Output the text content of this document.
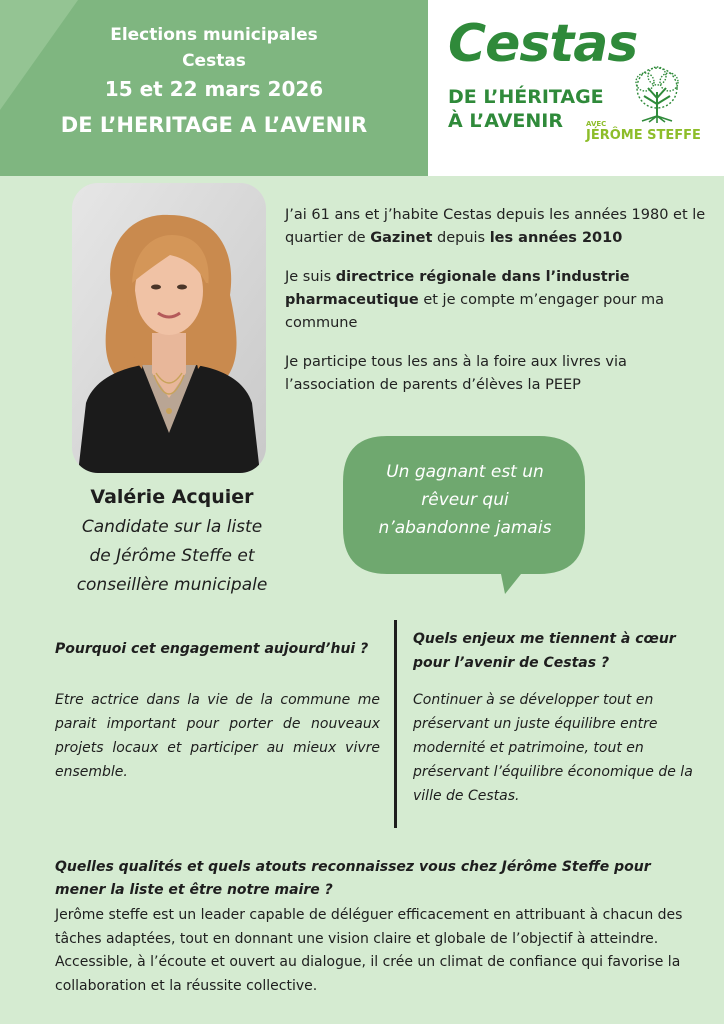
Elections municipales
Cestas
15 et 22 mars 2026
DE L’HERITAGE A L’AVENIR
Cestas
DE L’HÉRITAGE
À L’AVENIR	AVEC
JÉRÔME STEFFE

J’ai 61 ans et j’habite Cestas depuis les années 1980 et le quartier de Gazinet depuis les années 2010

Je suis directrice régionale dans l’industrie pharmaceutique et je compte m’engager pour ma commune

Je participe tous les ans à la foire aux livres via l’association de parents d’élèves la PEEP

Valérie Acquier
Candidate sur la liste
de Jérôme Steffe et
conseillère municipale
Un gagnant est un
rêveur qui
n’abandonne jamais
Pourquoi cet engagement aujourd’hui ?
Etre actrice dans la vie de la commune me parait important pour porter de nouveaux projets locaux et participer au mieux vivre ensemble.
Quels enjeux me tiennent à cœur
pour l’avenir de Cestas ?
Continuer à se développer tout en préservant un juste équilibre entre modernité et patrimoine, tout en préservant l’équilibre économique de la ville de Cestas.
Quelles qualités et quels atouts reconnaissez vous chez Jérôme Steffe pour mener la liste et être notre maire ?
Jerôme steffe est un leader capable de déléguer efficacement en attribuant à chacun des tâches adaptées, tout en donnant une vision claire et globale de l’objectif à atteindre. Accessible, à l’écoute et ouvert au dialogue, il crée un climat de confiance qui favorise la collaboration et la réussite collective.
